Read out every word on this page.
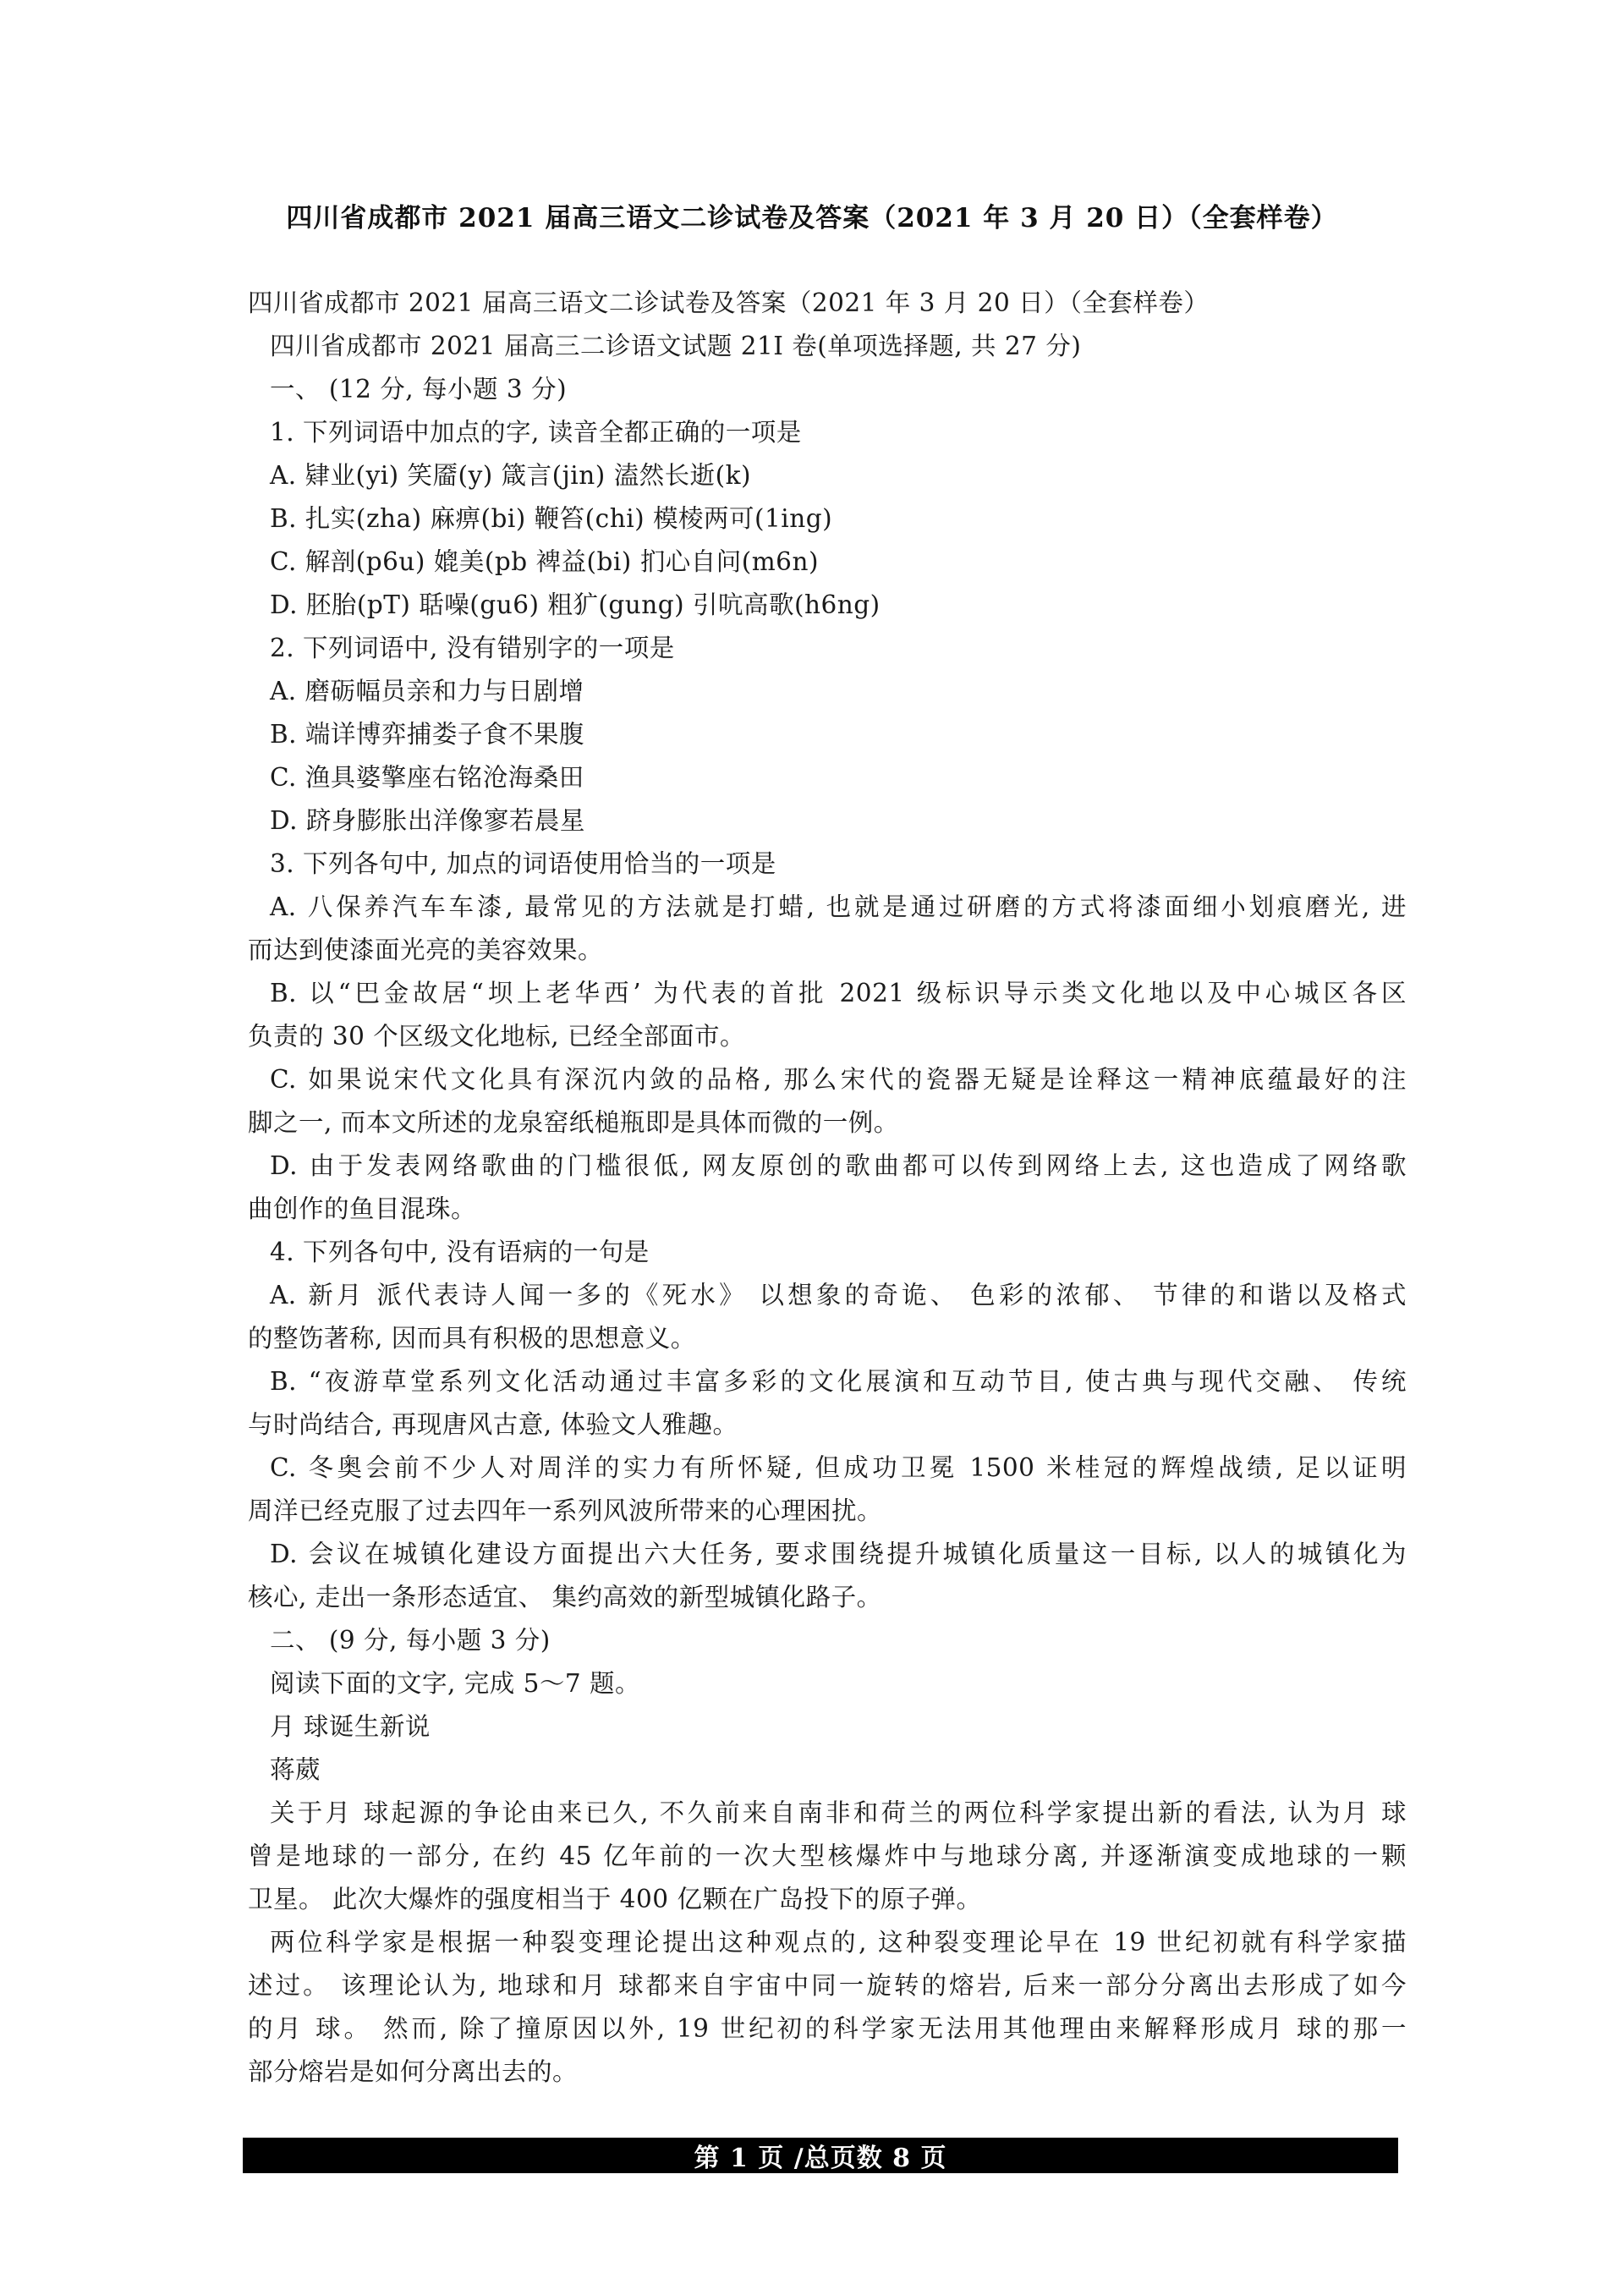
四川省成都市 2021 届高三语文二诊试卷及答案（2021 年 3 月 20 日）（全套样卷）
四川省成都市 2021 届高三语文二诊试卷及答案（2021 年 3 月 20 日）（全套样卷）
四川省成都市 2021 届高三二诊语文试题 21I 卷(单项选择题, 共 27 分)
一、 (12 分, 每小题 3 分)
1. 下列词语中加点的字, 读音全都正确的一项是
A. 肄业(yi) 笑靥(y) 箴言(jin) 溘然长逝(k)
B. 扎实(zha) 麻痹(bi) 鞭笞(chi) 模棱两可(1ing)
C. 解剖(p6u) 媲美(pb 裨益(bi) 扪心自问(m6n)
D. 胚胎(pT) 聒噪(gu6) 粗犷(gung) 引吭高歌(h6ng)
2. 下列词语中, 没有错别字的一项是
A. 磨砺幅员亲和力与日剧增
B. 端详博弈捕娄子食不果腹
C. 渔具婆擎座右铭沧海桑田
D. 跻身膨胀出洋像寥若晨星
3. 下列各句中, 加点的词语使用恰当的一项是
A. 八保养汽车车漆, 最常见的方法就是打蜡, 也就是通过研磨的方式将漆面细小划痕磨光, 进
而达到使漆面光亮的美容效果。
B. 以“巴金故居“坝上老华西’ 为代表的首批 2021 级标识导示类文化地以及中心城区各区
负责的 30 个区级文化地标, 已经全部面市。
C. 如果说宋代文化具有深沉内敛的品格, 那么宋代的瓷器无疑是诠释这一精神底蕴最好的注
脚之一, 而本文所述的龙泉窑纸槌瓶即是具体而微的一例。
D. 由于发表网络歌曲的门槛很低, 网友原创的歌曲都可以传到网络上去, 这也造成了网络歌
曲创作的鱼目混珠。
4. 下列各句中, 没有语病的一句是
A. 新月 派代表诗人闻一多的《死水》 以想象的奇诡、 色彩的浓郁、 节律的和谐以及格式
的整饬著称, 因而具有积极的思想意义。
B. “夜游草堂系列文化活动通过丰富多彩的文化展演和互动节目, 使古典与现代交融、 传统
与时尚结合, 再现唐风古意, 体验文人雅趣。
C. 冬奥会前不少人对周洋的实力有所怀疑, 但成功卫冕 1500 米桂冠的辉煌战绩, 足以证明
周洋已经克服了过去四年一系列风波所带来的心理困扰。
D. 会议在城镇化建设方面提出六大任务, 要求围绕提升城镇化质量这一目标, 以人的城镇化为
核心, 走出一条形态适宜、 集约高效的新型城镇化路子。
二、 (9 分, 每小题 3 分)
阅读下面的文字, 完成 5～7 题。
月 球诞生新说
蒋葳
关于月 球起源的争论由来已久, 不久前来自南非和荷兰的两位科学家提出新的看法, 认为月 球
曾是地球的一部分, 在约 45 亿年前的一次大型核爆炸中与地球分离, 并逐渐演变成地球的一颗
卫星。 此次大爆炸的强度相当于 400 亿颗在广岛投下的原子弹。
两位科学家是根据一种裂变理论提出这种观点的, 这种裂变理论早在 19 世纪初就有科学家描
述过。 该理论认为, 地球和月 球都来自宇宙中同一旋转的熔岩, 后来一部分分离出去形成了如今
的月 球。 然而, 除了撞原因以外, 19 世纪初的科学家无法用其他理由来解释形成月 球的那一
部分熔岩是如何分离出去的。
第 1 页 /总页数 8 页
